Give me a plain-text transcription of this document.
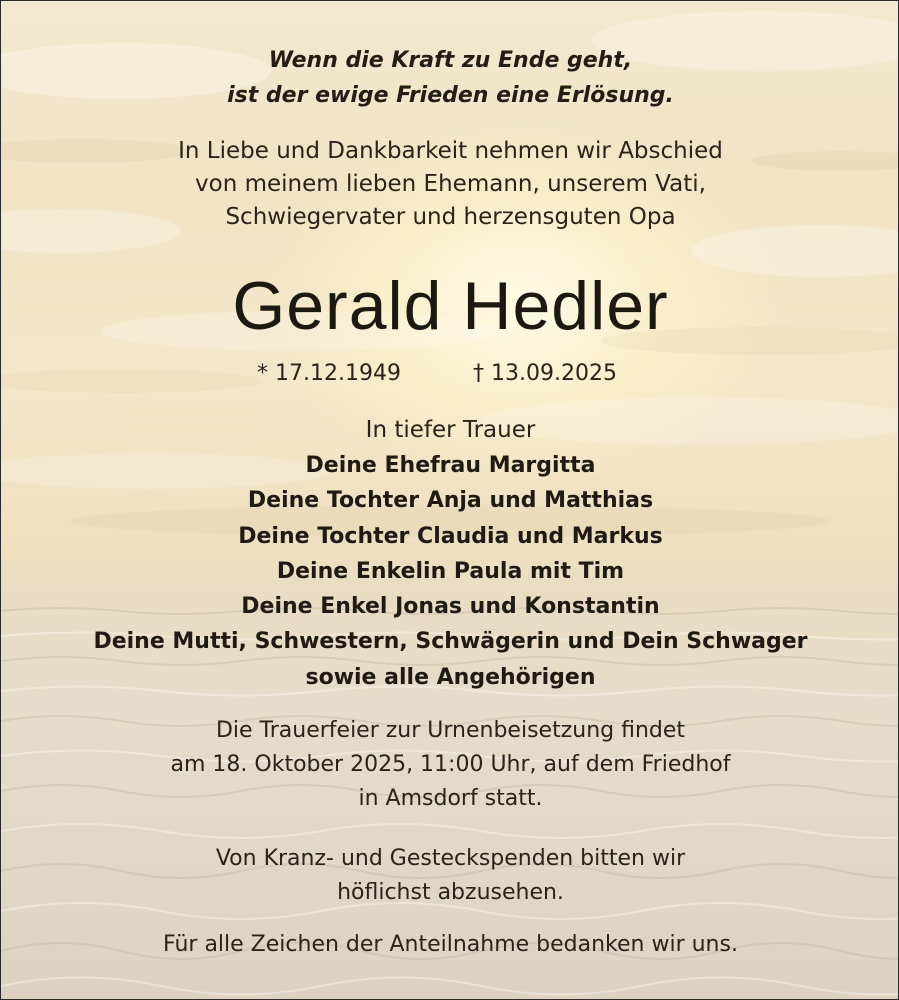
Wenn die Kraft zu Ende geht,
ist der ewige Frieden eine Erlösung.
In Liebe und Dankbarkeit nehmen wir Abschied
von meinem lieben Ehemann, unserem Vati,
Schwiegervater und herzensguten Opa
Gerald Hedler
* 17.12.1949	† 13.09.2025
In tiefer Trauer
Deine Ehefrau Margitta
Deine Tochter Anja und Matthias
Deine Tochter Claudia und Markus
Deine Enkelin Paula mit Tim
Deine Enkel Jonas und Konstantin
Deine Mutti, Schwestern, Schwägerin und Dein Schwager
sowie alle Angehörigen
Die Trauerfeier zur Urnenbeisetzung findet
am 18. Oktober 2025, 11:00 Uhr, auf dem Friedhof
in Amsdorf statt.
Von Kranz- und Gesteckspenden bitten wir
höflichst abzusehen.
Für alle Zeichen der Anteilnahme bedanken wir uns.
